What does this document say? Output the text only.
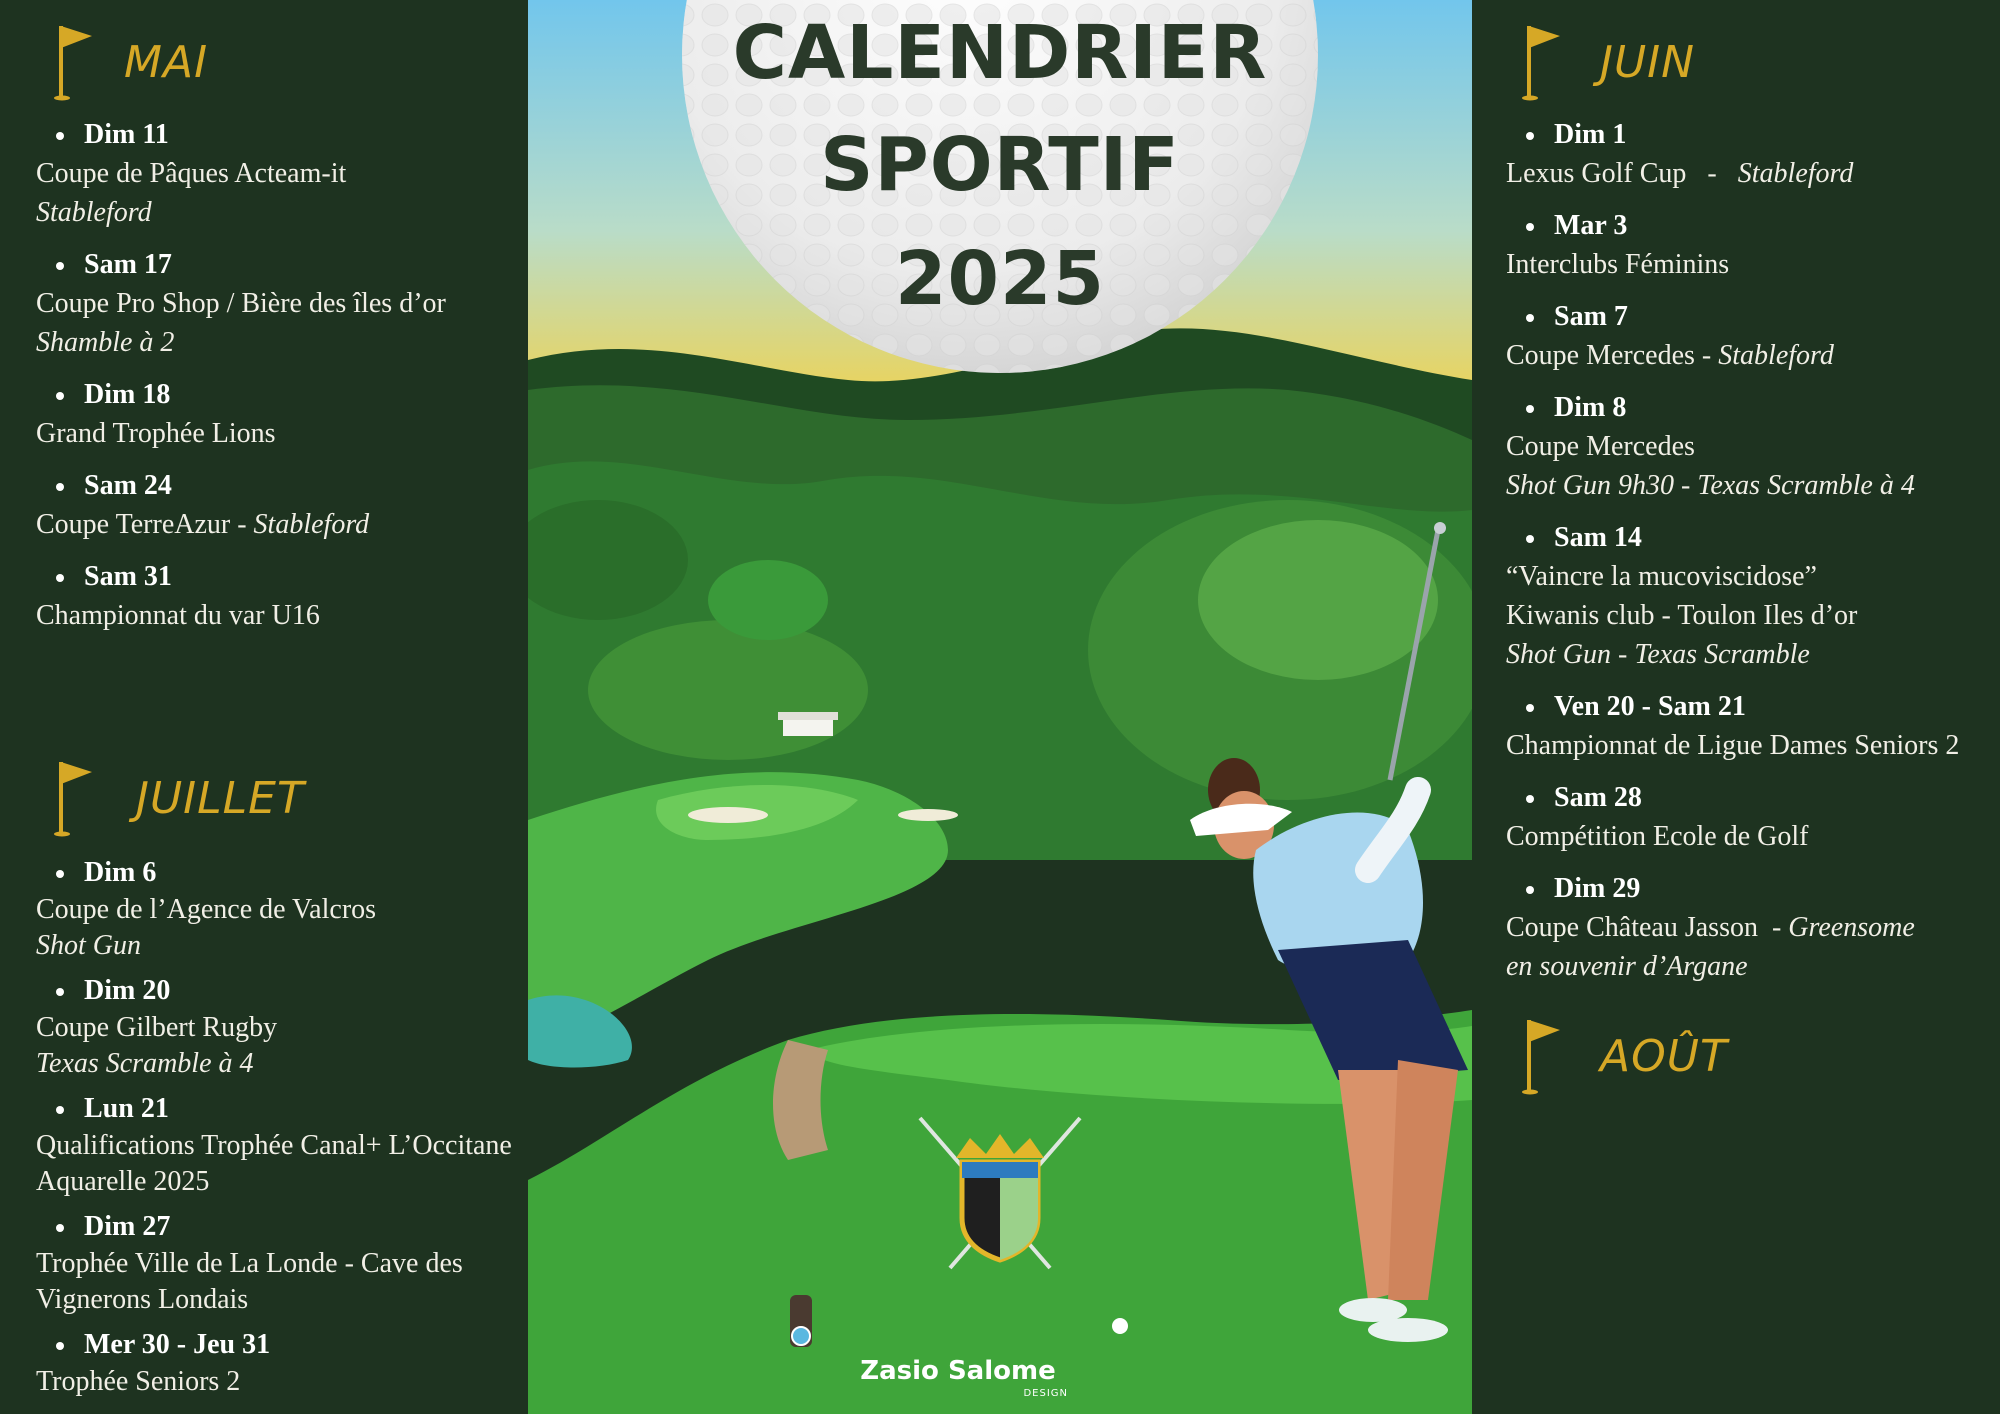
MAI
Dim 11
Coupe de Pâques Acteam-it
Stableford
Sam 17
Coupe Pro Shop / Bière des îles d’or
Shamble à 2
Dim 18
Grand Trophée Lions
Sam 24
Coupe TerreAzur - Stableford
Sam 31
Championnat du var U16
JUILLET
Dim 6
Coupe de l’Agence de Valcros
Shot Gun
Dim 20
Coupe Gilbert Rugby
Texas Scramble à 4
Lun 21
Qualifications Trophée Canal+ L’Occitane
Aquarelle 2025
Dim 27
Trophée Ville de La Londe - Cave des
Vignerons Londais
Mer 30 - Jeu 31
Trophée Seniors 2
CALENDRIER
SPORTIF
2025
Zasio Salome
DESIGN
JUIN
Dim 1
Lexus Golf Cup   -   Stableford
Mar 3
Interclubs Féminins
Sam 7
Coupe Mercedes - Stableford
Dim 8
Coupe Mercedes
Shot Gun 9h30 - Texas Scramble à 4
Sam 14
“Vaincre la mucoviscidose”
Kiwanis club - Toulon Iles d’or
Shot Gun - Texas Scramble
Ven 20 - Sam 21
Championnat de Ligue Dames Seniors 2
Sam 28
Compétition Ecole de Golf
Dim 29
Coupe Château Jasson  - Greensome
en souvenir d’Argane
AOÛT
